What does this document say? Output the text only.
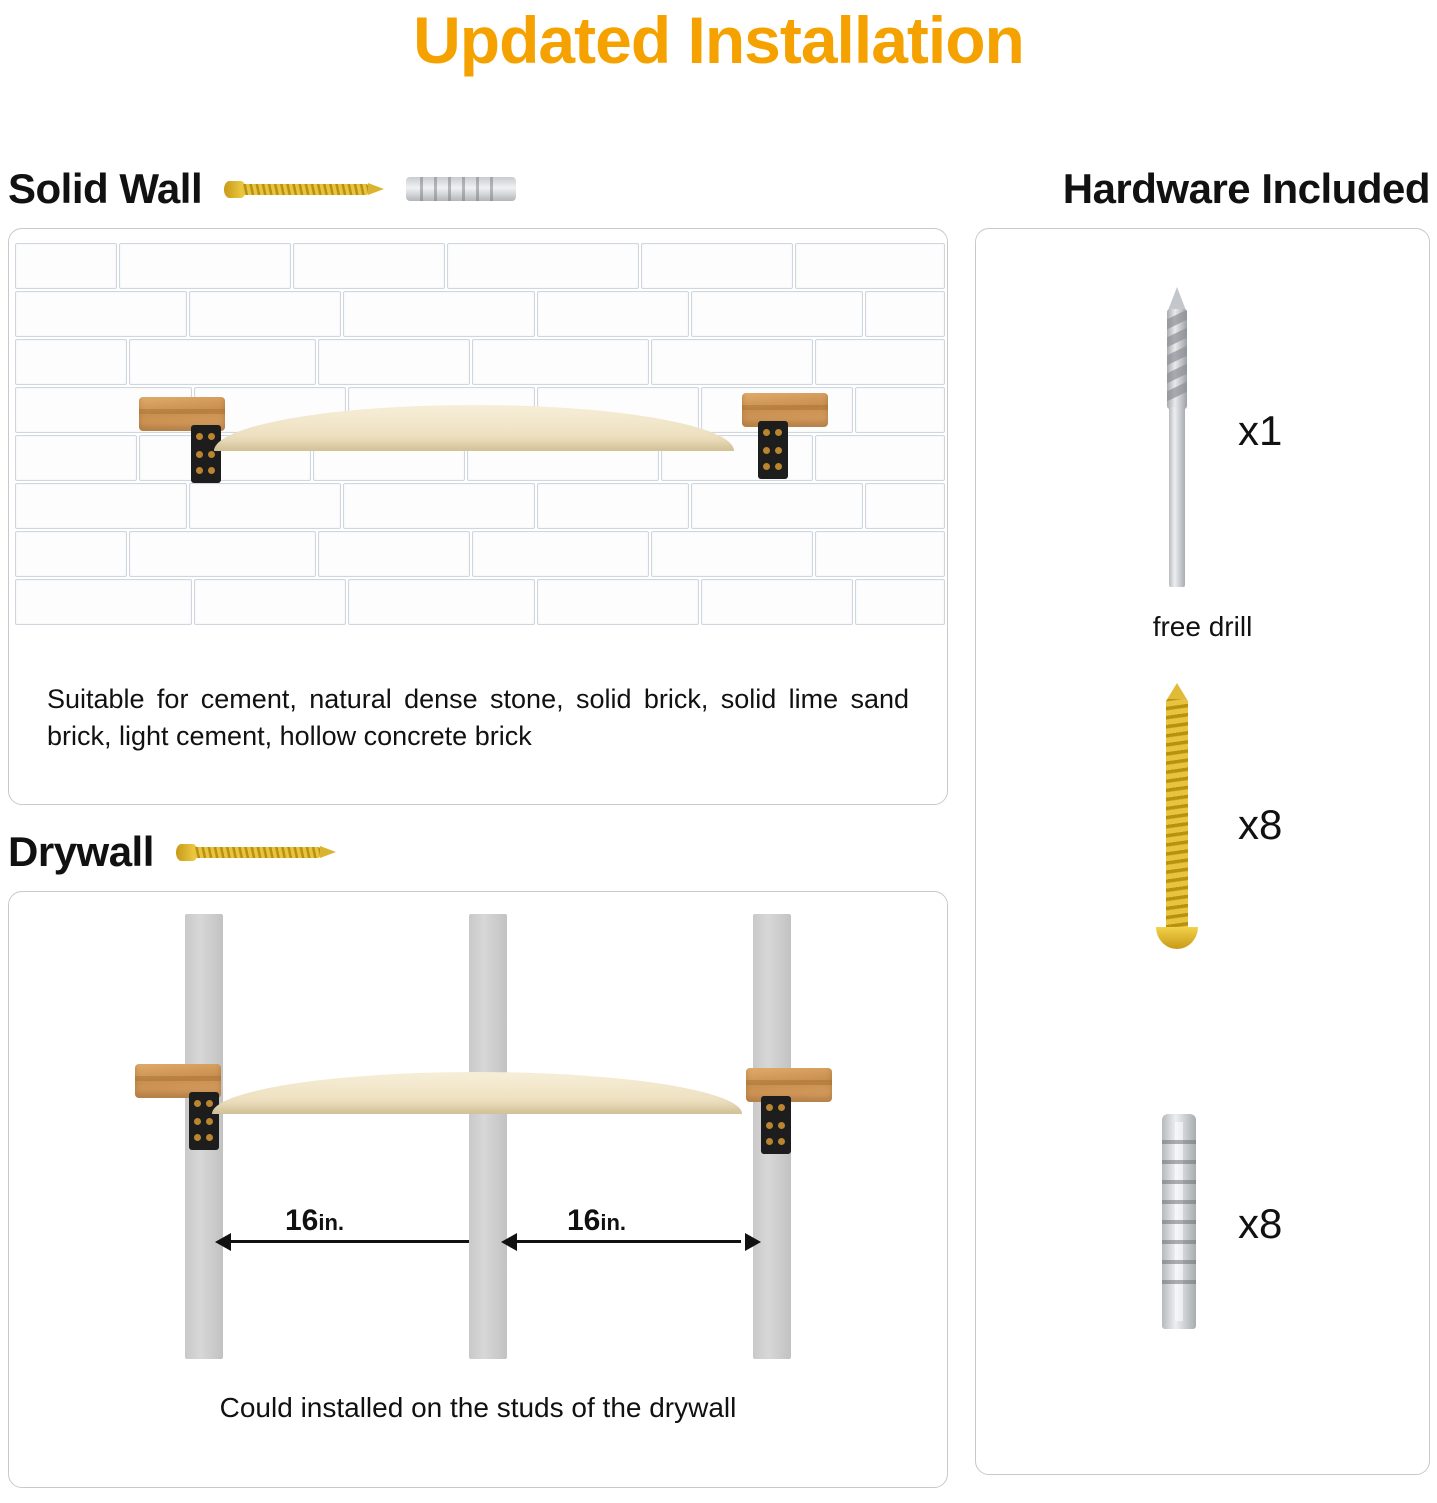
Updated Installation
Solid Wall
Suitable for cement, natural dense stone, solid brick, solid lime sand brick, light cement, hollow concrete brick
Drywall
16in.	16in.
Could installed on the studs of the drywall
Hardware Included
x1
free drill
x8
x8
